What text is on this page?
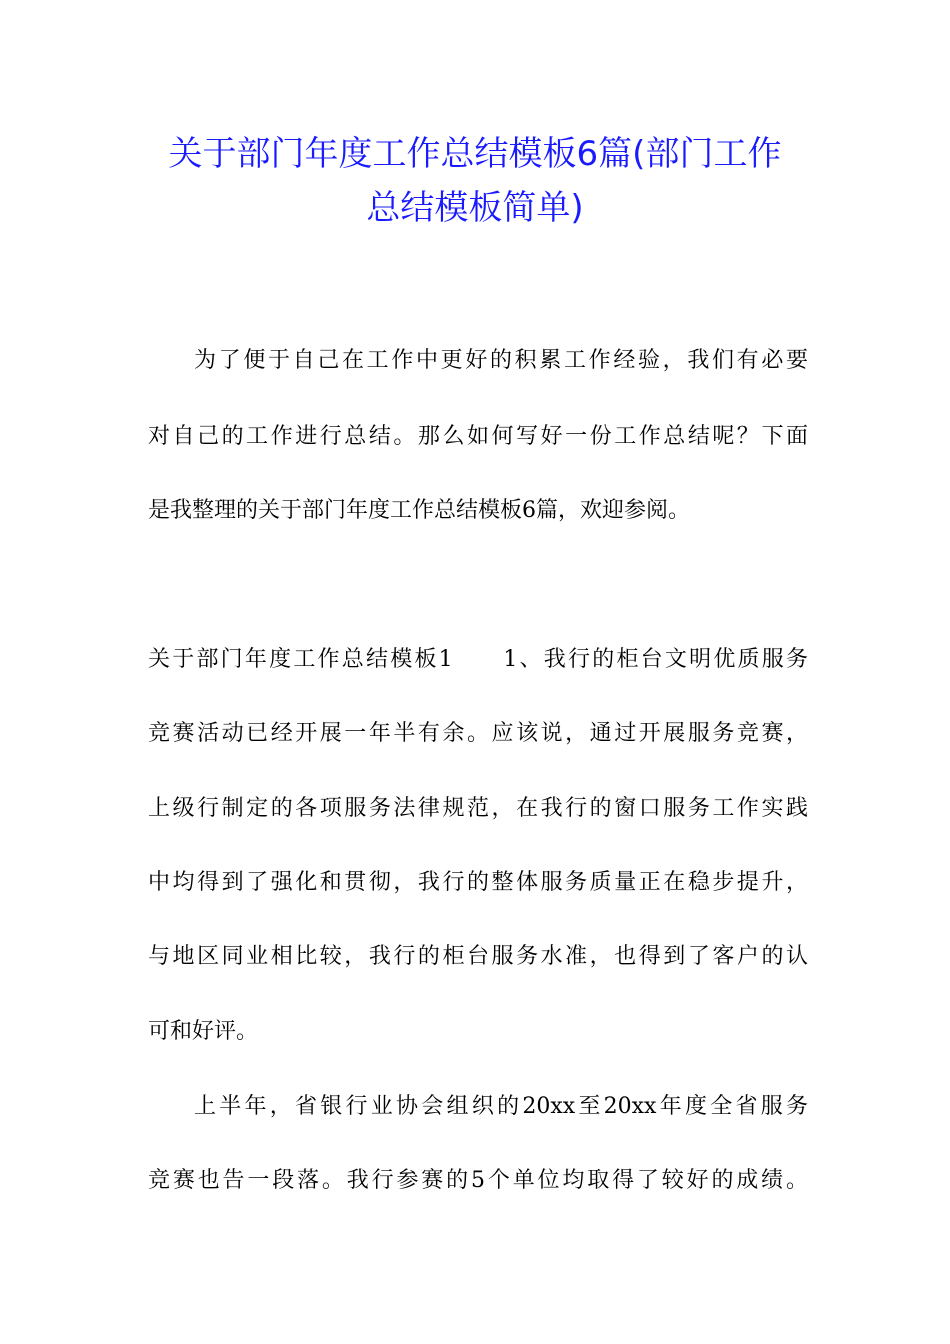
关于部门年度工作总结模板6篇(部门工作
总结模板简单)

为了便于自己在工作中更好的积累工作经验，我们有必要

对自己的工作进行总结。那么如何写好一份工作总结呢？下面

是我整理的关于部门年度工作总结模板6篇，欢迎参阅。

关于部门年度工作总结模板1　　1、我行的柜台文明优质服务

竞赛活动已经开展一年半有余。应该说，通过开展服务竞赛，

上级行制定的各项服务法律规范，在我行的窗口服务工作实践

中均得到了强化和贯彻，我行的整体服务质量正在稳步提升，

与地区同业相比较，我行的柜台服务水准，也得到了客户的认

可和好评。

上半年，省银行业协会组织的20xx至20xx年度全省服务

竞赛也告一段落。我行参赛的5个单位均取得了较好的成绩。
